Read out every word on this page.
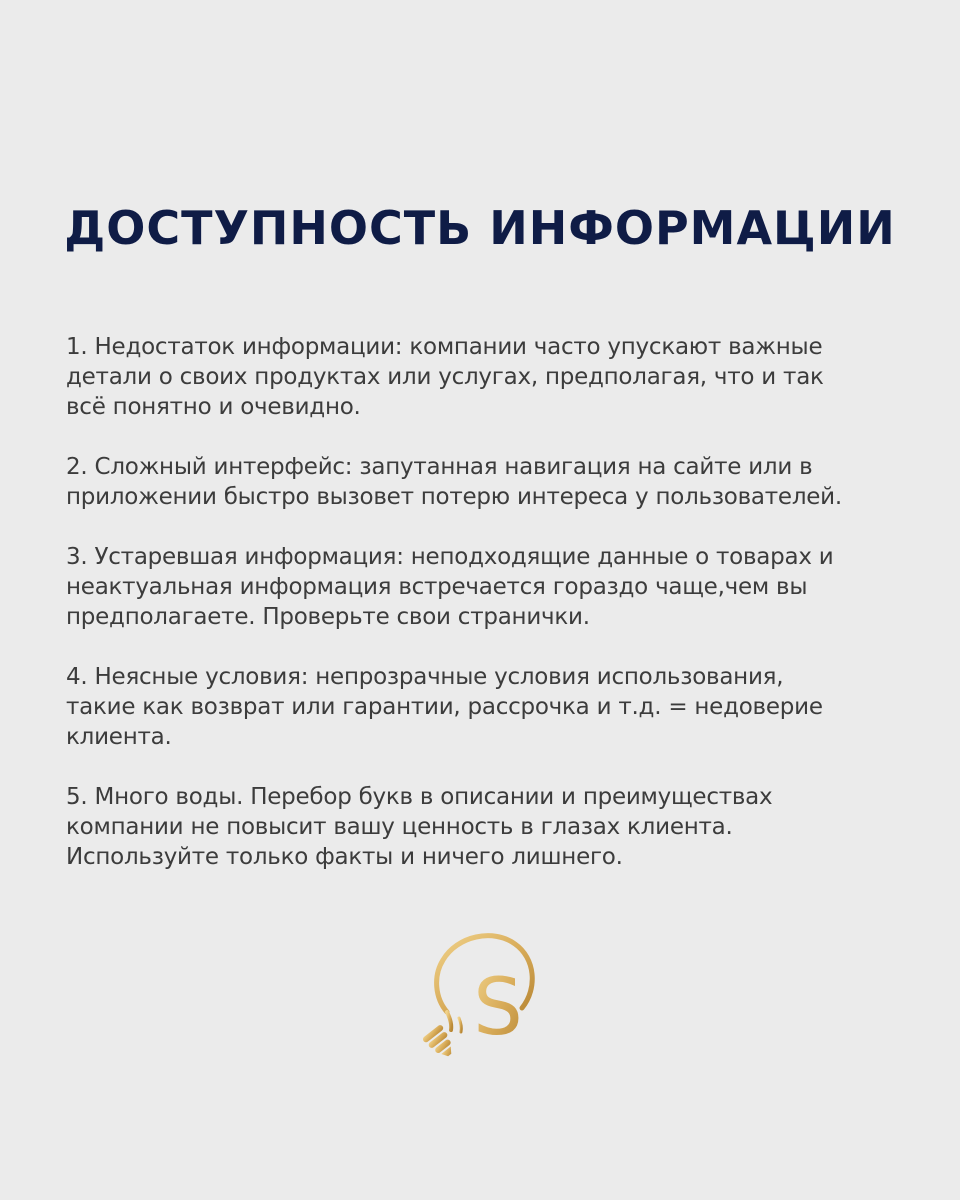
ДОСТУПНОСТЬ ИНФОРМАЦИИ

1. Недостаток информации: компании часто упускают важные
детали о своих продуктах или услугах, предполагая, что и так
всё понятно и очевидно.

2. Сложный интерфейс: запутанная навигация на сайте или в
приложении быстро вызовет потерю интереса у пользователей.

3. Устаревшая информация: неподходящие данные о товарах и
неактуальная информация встречается гораздо чаще,чем вы
предполагаете. Проверьте свои странички.

4. Неясные условия: непрозрачные условия использования,
такие как возврат или гарантии, рассрочка и т.д. = недоверие
клиента.

5. Много воды. Перебор букв в описании и преимуществах
компании не повысит вашу ценность в глазах клиента.
Используйте только факты и ничего лишнего.

S
